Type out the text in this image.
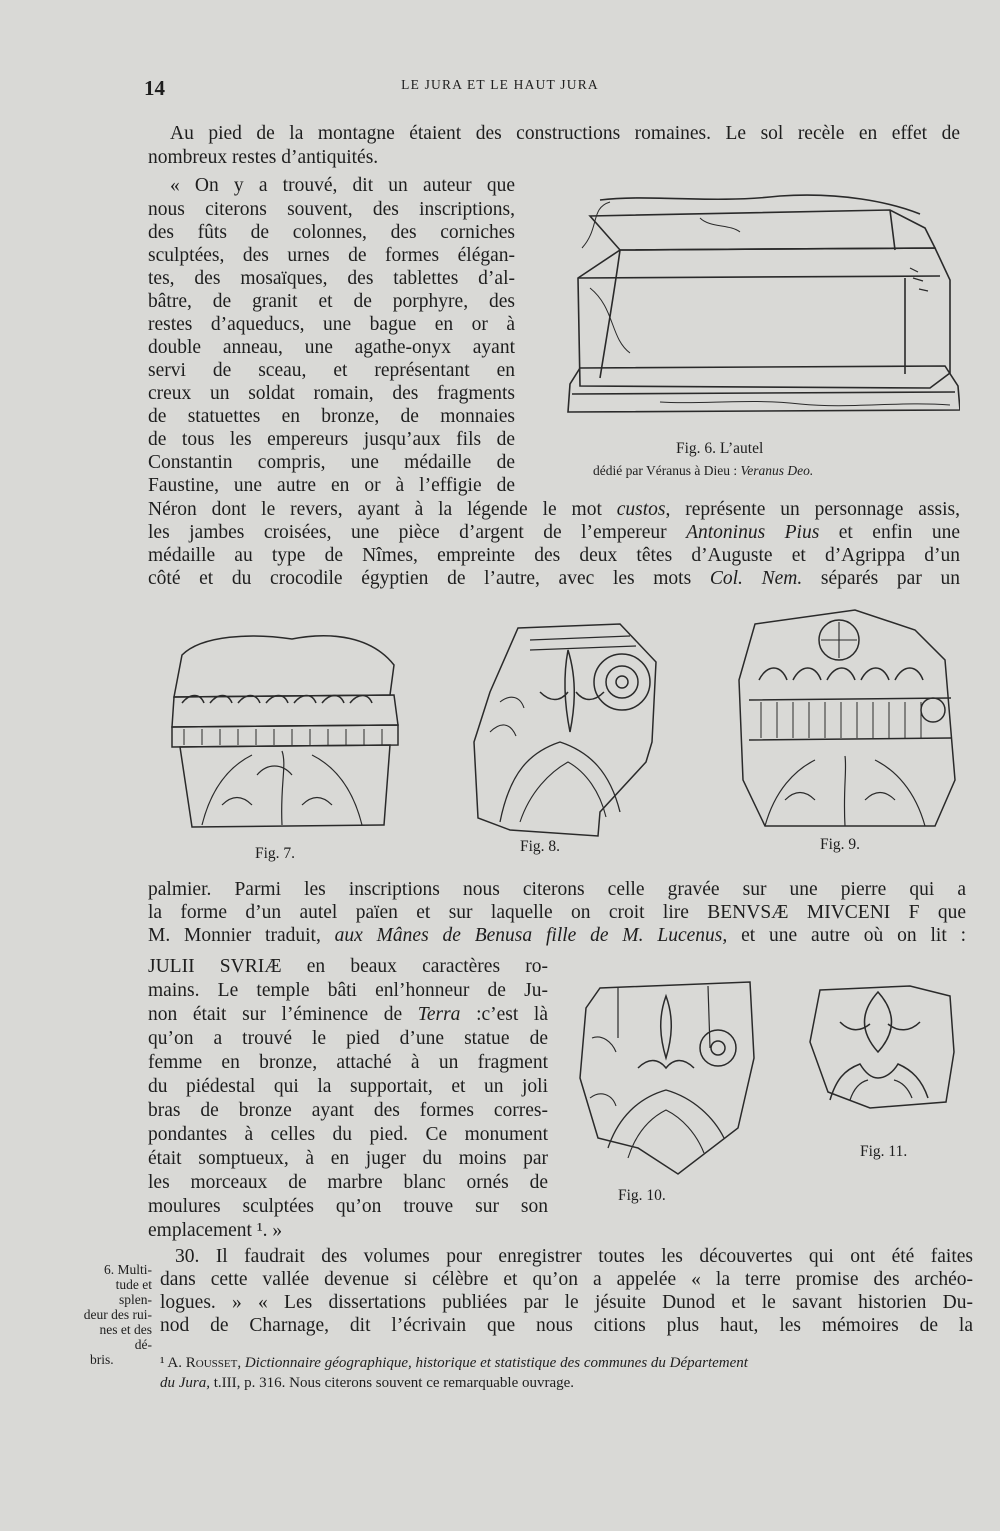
14	LE JURA ET LE HAUT JURA
Au pied de la montagne étaient des constructions romaines. Le sol recèle en effet de
nombreux restes d’antiquités.
« On y a trouvé, dit un auteur que
nous citerons souvent, des inscriptions,
des fûts de colonnes, des corniches
sculptées, des urnes de formes élégan-
tes, des mosaïques, des tablettes d’al-
bâtre, de granit et de porphyre, des
restes d’aqueducs, une bague en or à
double anneau, une agathe-onyx ayant
servi de sceau, et représentant en
creux un soldat romain, des fragments
de statuettes en bronze, de monnaies
de tous les empereurs jusqu’aux fils de
Constantin compris, une médaille de
Faustine, une autre en or à l’effigie de
Fig. 6. L’autel
dédié par Véranus à Dieu : Veranus Deo.
Néron dont le revers, ayant à la légende le mot custos, représente un personnage assis,
les jambes croisées, une pièce d’argent de l’empereur Antoninus Pius et enfin une
médaille au type de Nîmes, empreinte des deux têtes d’Auguste et d’Agrippa d’un
côté et du crocodile égyptien de l’autre, avec les mots Col. Nem. séparés par un
Fig. 7.	Fig. 8.	Fig. 9.
palmier. Parmi les inscriptions nous citerons celle gravée sur une pierre qui a
la forme d’un autel païen et sur laquelle on croit lire BENVSÆ MIVCENI F que
M. Monnier traduit, aux Mânes de Benusa fille de M. Lucenus, et une autre où on lit :
JULII SVRIÆ en beaux caractères ro-
mains. Le temple bâti enl’honneur de Ju-
non était sur l’éminence de Terra :c’est là
qu’on a trouvé le pied d’une statue de
femme en bronze, attaché à un fragment
du piédestal qui la supportait, et un joli
bras de bronze ayant des formes corres-
pondantes à celles du pied. Ce monument
était somptueux, à en juger du moins par
les morceaux de marbre blanc ornés de
moulures sculptées qu’on trouve sur son
emplacement ¹. »
Fig. 11.
Fig. 10.
30. Il faudrait des volumes pour enregistrer toutes les découvertes qui ont été faites
dans cette vallée devenue si célèbre et qu’on a appelée « la terre promise des archéo-
logues. » « Les dissertations publiées par le jésuite Dunod et le savant historien Du-
nod de Charnage, dit l’écrivain que nous citions plus haut, les mémoires de la
6. Multi-
tude et splen-
deur des rui-
nes et des dé-
bris.	¹ A. Rousset, Dictionnaire géographique, historique et statistique des communes du Département
du Jura, t.III, p. 316. Nous citerons souvent ce remarquable ouvrage.
